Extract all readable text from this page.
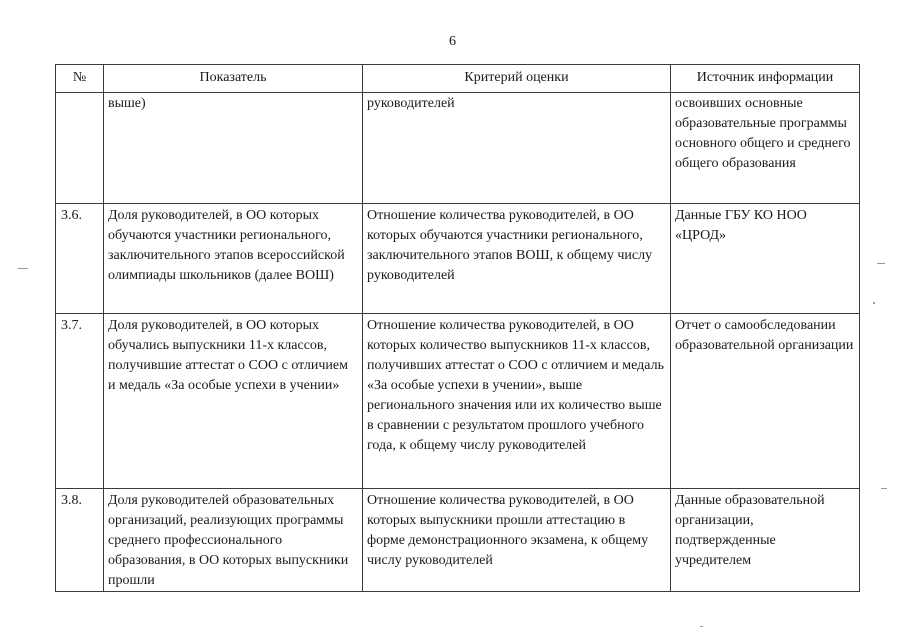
6
№	Показатель	Критерий оценки	Источник информации
	выше)	руководителей	освоивших основные образовательные программы основного общего и среднего общего образования
3.6.	Доля руководителей, в ОО которых обучаются участники регионального, заключительного этапов всероссийской олимпиады школьников (далее ВОШ)	Отношение количества руководителей, в ОО которых обучаются участники регионального, заключительного этапов ВОШ, к общему числу руководителей	Данные ГБУ КО НОО «ЦРОД»
3.7.	Доля руководителей, в ОО которых обучались выпускники 11-х классов, получившие аттестат о СОО с отличием и медаль «За особые успехи в учении»	Отношение количества руководителей, в ОО которых количество выпускников 11-х классов, получивших аттестат о СОО с отличием и медаль «За особые успехи в учении», выше регионального значения или их количество выше в сравнении с результатом прошлого учебного года, к общему числу руководителей	Отчет о самообследовании образовательной организации
3.8.	Доля руководителей образовательных организаций, реализующих программы среднего профессионального образования, в ОО которых выпускники прошли	Отношение количества руководителей, в ОО которых выпускники прошли аттестацию в форме демонстрационного экзамена, к общему числу руководителей	Данные образовательной организации, подтвержденные учредителем
